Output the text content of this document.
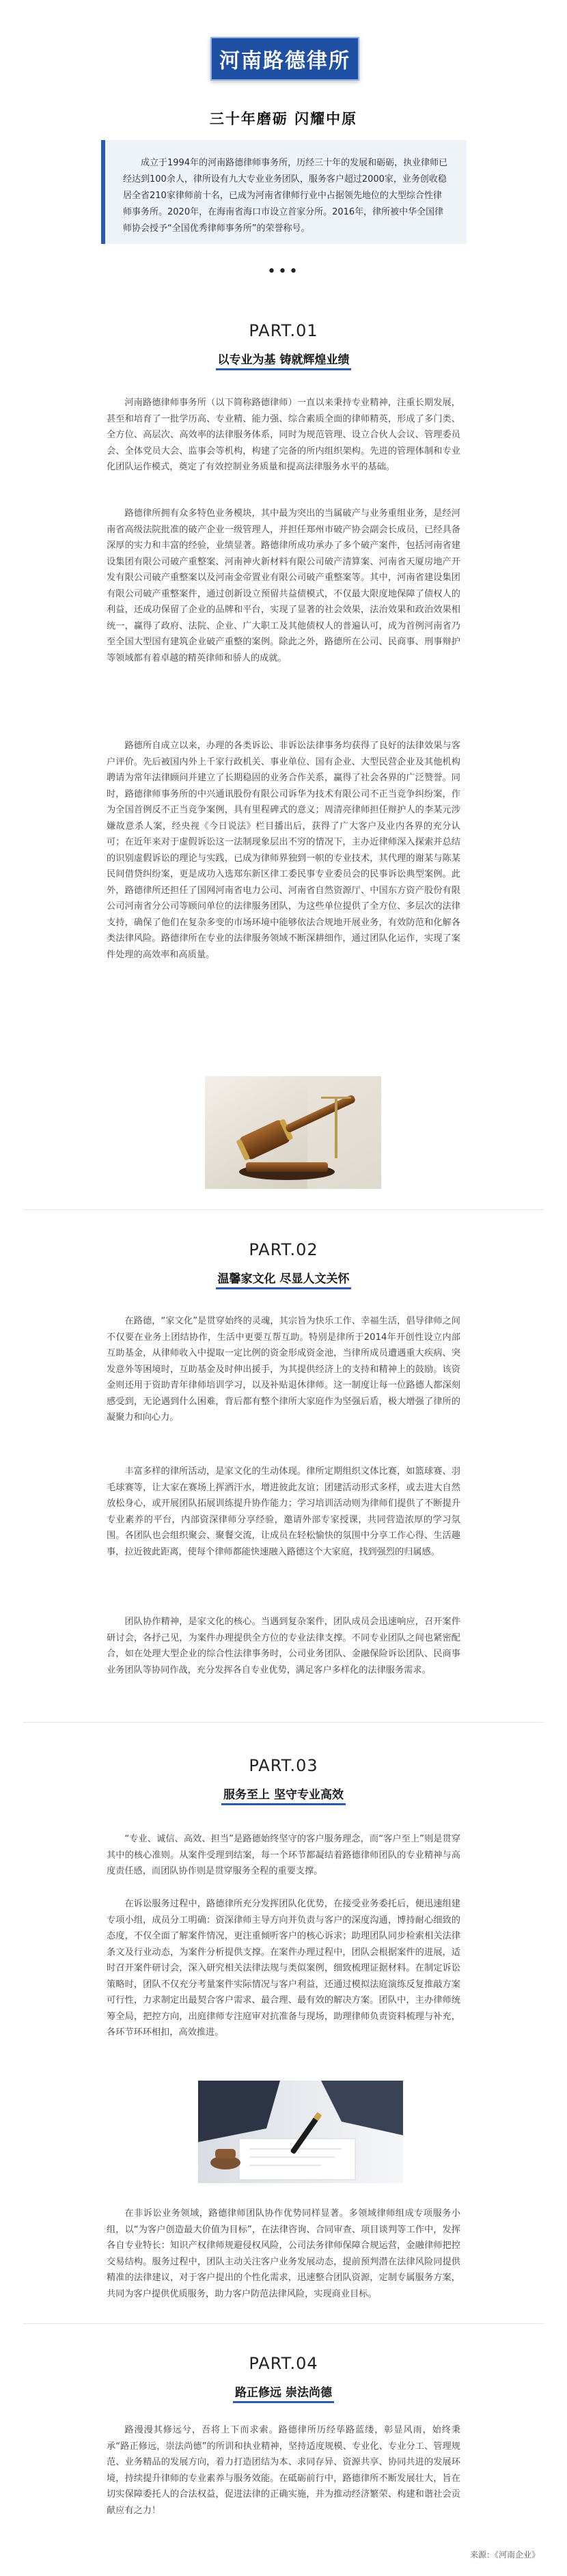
河南路德律所
三十年磨砺 闪耀中原

成立于1994年的河南路德律师事务所，历经三十年的发展和砺砺，执业律师已经达到100余人，律所设有九大专业业务团队，服务客户超过2000家，业务创收稳居全省210家律师前十名，已成为河南省律师行业中占据领先地位的大型综合性律师事务所。2020年，在海南省海口市设立首家分所。2016年，律所被中华全国律师协会授予“全国优秀律师事务所”的荣誉称号。

•••
PART.01
以专业为基 铸就辉煌业绩

河南路德律师事务所（以下简称路德律师）一直以来秉持专业精神，注重长期发展，甚至和培育了一批学历高、专业精、能力强、综合素质全面的律师精英，形成了多门类、全方位、高层次、高效率的法律服务体系，同时为规范管理、设立合伙人会议、管理委员会、全体党员大会、监事会等机构，构建了完备的所内组织架构。先进的管理体制和专业化团队运作模式，奠定了有效控制业务质量和提高法律服务水平的基础。

路德律所拥有众多特色业务模块，其中最为突出的当属破产与业务重组业务，是经河南省高级法院批准的破产企业一级管理人，并担任郑州市破产协会副会长成员，已经具备深厚的实力和丰富的经验，业绩显著。路德律所成功承办了多个破产案件，包括河南省建设集团有限公司破产重整案、河南神火新材料有限公司破产清算案、河南省天厦房地产开发有限公司破产重整案以及河南金帝置业有限公司破产重整案等。其中，河南省建设集团有限公司破产重整案件，通过创新设立预留共益债模式，不仅最大限度地保障了债权人的利益，还成功保留了企业的品牌和平台，实现了显著的社会效果，法治效果和政治效果相统一，赢得了政府、法院、企业、广大职工及其他债权人的普遍认可，成为首例河南省乃至全国大型国有建筑企业破产重整的案例。除此之外，路德所在公司、民商事、刑事辩护等领域都有着卓越的精英律师和骄人的成就。

路德所自成立以来，办理的各类诉讼、非诉讼法律事务均获得了良好的法律效果与客户评价。先后被国内外上千家行政机关、事业单位、国有企业、大型民营企业及其他机构聘请为常年法律顾问并建立了长期稳固的业务合作关系，赢得了社会各界的广泛赞誉。同时，路德律师事务所的中兴通讯股份有限公司诉华为技术有限公司不正当竞争纠纷案，作为全国首例反不正当竞争案例，具有里程碑式的意义；周清亮律师担任辩护人的李某元涉嫌故意杀人案，经央视《今日说法》栏目播出后，获得了广大客户及业内各界的充分认可；在近年来对于虚假诉讼这一法制现象层出不穷的情况下，主办近律师深入探索并总结的识别虚假诉讼的理论与实践，已成为律师界独到一帜的专业技术，其代理的谢某与陈某民间借贷纠纷案，更是成功入选郑东新区律工委民事专业委员会的民事诉讼典型案例。此外，路德律所还担任了国网河南省电力公司、河南省自然资源厅、中国东方资产股份有限公司河南省分公司等顾问单位的法律服务团队，为这些单位提供了全方位、多层次的法律支持，确保了他们在复杂多变的市场环境中能够依法合规地开展业务，有效防范和化解各类法律风险。路德律所在专业的法律服务领域不断深耕细作，通过团队化运作，实现了案件处理的高效率和高质量。

PART.02
温馨家文化 尽显人文关怀

在路德，“家文化”是贯穿始终的灵魂，其宗旨为快乐工作、幸福生活，倡导律师之间不仅要在业务上团结协作，生活中更要互帮互助。特别是律所于2014年开创性设立内部互助基金，从律师收入中提取一定比例的资金形成资金池，当律所成员遭遇重大疾病、突发意外等困境时，互助基金及时伸出援手，为其提供经济上的支持和精神上的鼓励。该资金则还用于资助青年律师培训学习，以及补贴退休律师。这一制度让每一位路德人都深刻感受到，无论遇到什么困难，背后都有整个律所大家庭作为坚强后盾，极大增强了律所的凝聚力和向心力。

丰富多样的律所活动，是家文化的生动体现。律所定期组织文体比赛，如篮球赛、羽毛球赛等，让大家在赛场上挥洒汗水，增进彼此友谊；团建活动形式多样，或去进大自然放松身心，或开展团队拓展训练提升协作能力；学习培训活动则为律师们提供了不断提升专业素养的平台，内部资深律师分享经验，邀请外部专家授课，共同营造浓厚的学习氛围。各团队也会组织聚会、聚餐交流，让成员在轻松愉快的氛围中分享工作心得、生活趣事，拉近彼此距离，使每个律师都能快速融入路德这个大家庭，找到强烈的归属感。

团队协作精神，是家文化的核心。当遇到复杂案件，团队成员会迅速响应，召开案件研讨会，各抒己见，为案件办理提供全方位的专业法律支撑。不同专业团队之间也紧密配合，如在处理大型企业的综合性法律事务时，公司业务团队、金融保险诉讼团队、民商事业务团队等协同作战，充分发挥各自专业优势，满足客户多样化的法律服务需求。

PART.03
服务至上 坚守专业高效

“专业、诚信、高效、担当”是路德始终坚守的客户服务理念，而“客户至上”则是贯穿其中的核心准则。从案件受理到结案，每一个环节都凝结着路德律师团队的专业精神与高度责任感，而团队协作则是贯穿服务全程的重要支撑。

在诉讼服务过程中，路德律所充分发挥团队化优势，在接受业务委托后，便迅速组建专项小组，成员分工明确：资深律师主导方向并负责与客户的深度沟通，博持耐心细致的态度，不仅全面了解案件情况，更注重倾听客户的核心诉求；助理团队同步检索相关法律条文及行业动态，为案件分析提供支撑。在案件办理过程中，团队会根据案件的进展，适时召开案件研讨会，深入研究相关法律法规与类似案例，细致梳理证据材料。在制定诉讼策略时，团队不仅充分考量案件实际情况与客户利益，还通过模拟法庭演练反复推敲方案可行性，力求制定出最契合客户需求、最合理、最有效的解决方案。团队中，主办律师统筹全局，把控方向，出庭律师专注庭审对抗准备与现场，助理律师负责资料梳理与补充，各环节环环相扣，高效推进。

在非诉讼业务领域，路德律师团队协作优势同样显著。多领域律师组成专项服务小组，以“为客户创造最大价值为目标”，在法律咨询、合同审查、项目谈判等工作中，发挥各自专业特长：知识产权律师规避侵权风险，公司法务律师保障合规运营，金融律师把控交易结构。服务过程中，团队主动关注客户业务发展动态，提前预判潜在法律风险同提供精准的法律建议，对于客户提出的个性化需求，迅速整合团队资源，定制专属服务方案，共同为客户提供优质服务，助力客户防范法律风险，实现商业目标。

PART.04
路正修远 崇法尚德

路漫漫其修远兮，吾将上下而求索。路德律所历经荜路蓝缕，彰显风雨，始终秉承“路正修远，崇法尚德”的所训和执业精神，坚持适度规模、专业化、专业分工、管理规范、业务精品的发展方向，着力打造团结为本、求同存异、资源共享、协同共进的发展环境，持续提升律师的专业素养与服务效能。在砥砺前行中，路德律所不断发展壮大，旨在切实保障委托人的合法权益，促进法律的正确实施，并为推动经济繁荣、构建和谐社会贡献应有之力！

来源：《河南企业》
